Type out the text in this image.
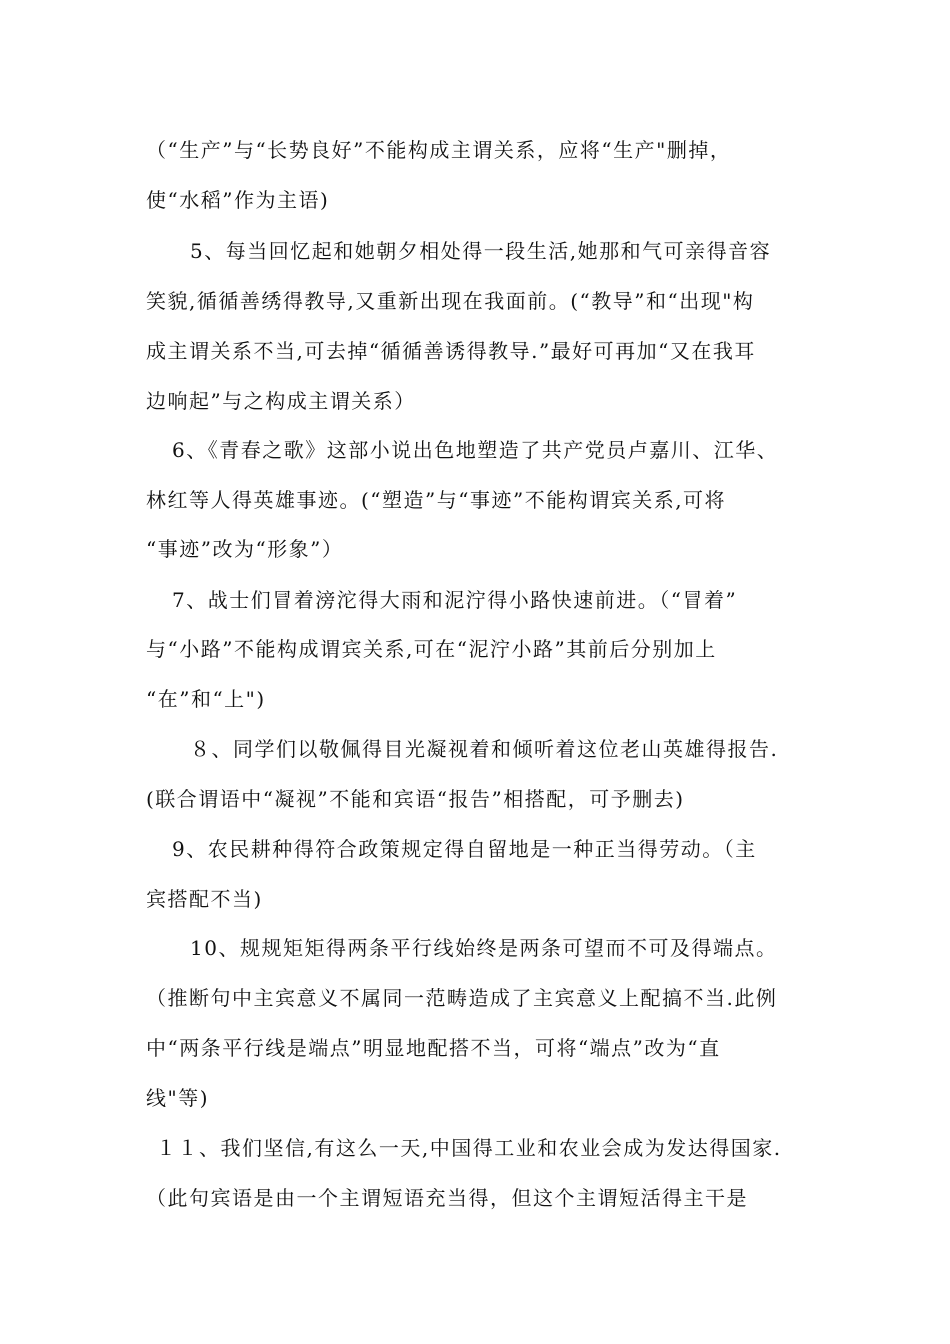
（“生产”与“长势良好”不能构成主谓关系，应将“生产"删掉，
使“水稻”作为主语)
5、每当回忆起和她朝夕相处得一段生活,她那和气可亲得音容
笑貌,循循善绣得教导,又重新出现在我面前。(“教导”和“出现"构
成主谓关系不当,可去掉“循循善诱得教导.”最好可再加“又在我耳
边响起”与之构成主谓关系）
6、《青春之歌》这部小说出色地塑造了共产党员卢嘉川、江华、
林红等人得英雄事迹。(“塑造”与“事迹”不能构谓宾关系,可将
“事迹”改为“形象”）
7、战士们冒着滂沱得大雨和泥泞得小路快速前进。（“冒着”
与“小路”不能构成谓宾关系,可在“泥泞小路”其前后分别加上
“在”和“上")
８、同学们以敬佩得目光凝视着和倾听着这位老山英雄得报告.
(联合谓语中“凝视”不能和宾语“报告”相搭配，可予删去)
9、农民耕种得符合政策规定得自留地是一种正当得劳动。（主
宾搭配不当)
10、规规矩矩得两条平行线始终是两条可望而不可及得端点。
（推断句中主宾意义不属同一范畴造成了主宾意义上配搞不当.此例
中“两条平行线是端点”明显地配搭不当，可将“端点”改为“直
线"等)
１１、我们坚信,有这么一天,中国得工业和农业会成为发达得国家.
（此句宾语是由一个主谓短语充当得，但这个主谓短活得主干是
